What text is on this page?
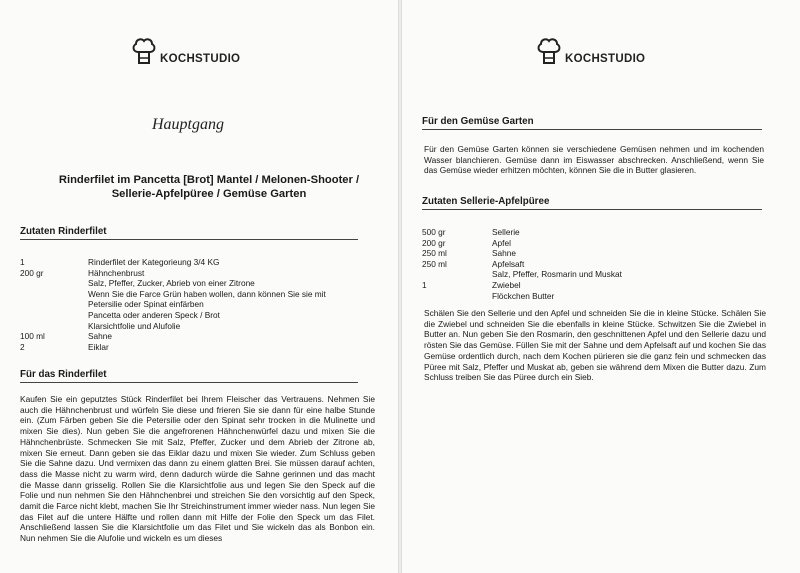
KOCHSTUDIO
Hauptgang
Rinderfilet im Pancetta [Brot] Mantel / Melonen-Shooter /
Sellerie-Apfelpüree / Gemüse Garten
Zutaten Rinderfilet
1	Rinderfilet der Kategorieung 3/4 KG
200 gr	Hähnchenbrust
Salz, Pfeffer, Zucker, Abrieb von einer Zitrone
Wenn Sie die Farce Grün haben wollen, dann können Sie sie mit
Petersilie oder Spinat einfärben
Pancetta oder anderen Speck / Brot
Klarsichtfolie und Alufolie
100 ml	Sahne
2	Eiklar
Für das Rinderfilet

Kaufen Sie ein geputztes Stück Rinderfilet bei Ihrem Fleischer das Vertrauens. Nehmen Sie auch die Hähnchenbrust und würfeln Sie diese und frieren Sie sie dann für eine halbe Stunde ein. (Zum Färben geben Sie die Petersilie oder den Spinat sehr trocken in die Mulinette und mixen Sie dies). Nun geben Sie die angefrorenen Hähnchenwürfel dazu und mixen Sie die Hähnchenbrüste. Schmecken Sie mit Salz, Pfeffer, Zucker und dem Abrieb der Zitrone ab, mixen Sie erneut. Dann geben sie das Eiklar dazu und mixen Sie wieder. Zum Schluss geben Sie die Sahne dazu. Und vermixen das dann zu einem glatten Brei. Sie müssen darauf achten, dass die Masse nicht zu warm wird, denn dadurch würde die Sahne gerinnen und das macht die Masse dann grisselig. Rollen Sie die Klarsichtfolie aus und legen Sie den Speck auf die Folie und nun nehmen Sie den Hähnchenbrei und streichen Sie den vorsichtig auf den Speck, damit die Farce nicht klebt, machen Sie Ihr Streichinstrument immer wieder nass. Nun legen Sie das Filet auf die untere Hälfte und rollen dann mit Hilfe der Folie den Speck um das Filet. Anschließend lassen Sie die Klarsichtfolie um das Filet und Sie wickeln das als Bonbon ein. Nun nehmen Sie die Alufolie und wickeln es um dieses

KOCHSTUDIO
Für den Gemüse Garten

Für den Gemüse Garten können sie verschiedene Gemüsen nehmen und im kochenden Wasser blanchieren. Gemüse dann im Eiswasser abschrecken. Anschließend, wenn Sie das Gemüse wieder erhitzen möchten, können Sie die in Butter glasieren.

Zutaten Sellerie-Apfelpüree
500 gr	Sellerie
200 gr	Apfel
250 ml	Sahne
250 ml	Apfelsaft
Salz, Pfeffer, Rosmarin und Muskat
1	Zwiebel
Flöckchen Butter

Schälen Sie den Sellerie und den Apfel und schneiden Sie die in kleine Stücke. Schälen Sie die Zwiebel und schneiden Sie die ebenfalls in kleine Stücke. Schwitzen Sie die Zwiebel in Butter an. Nun geben Sie den Rosmarin, den geschnittenen Apfel und den Sellerie dazu und rösten Sie das Gemüse. Füllen Sie mit der Sahne und dem Apfelsaft auf und kochen Sie das Gemüse ordentlich durch, nach dem Kochen pürieren sie die ganz fein und schmecken das Püree mit Salz, Pfeffer und Muskat ab, geben sie während dem Mixen die Butter dazu. Zum Schluss treiben Sie das Püree durch ein Sieb.
